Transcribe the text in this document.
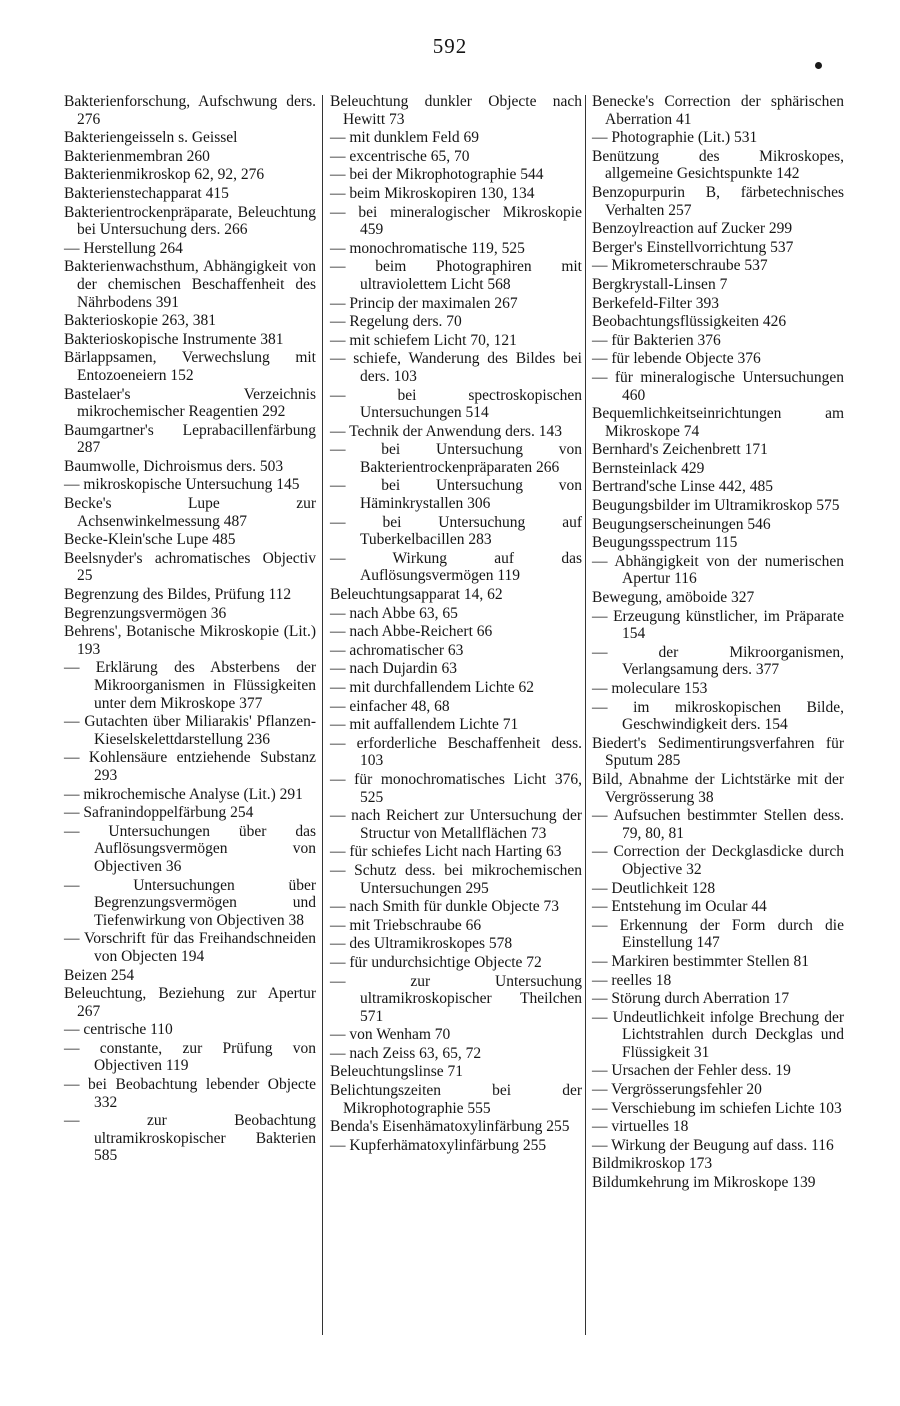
592

Bakterienforschung, Aufschwung ders. 276

Bakteriengeisseln s. Geissel

Bakterienmembran 260

Bakterienmikroskop 62, 92, 276

Bakterienstechapparat 415

Bakterientrockenpräparate, Beleuchtung bei Untersuchung ders. 266

— Herstellung 264

Bakterienwachsthum, Abhängigkeit von der chemischen Beschaffenheit des Nährbodens 391

Bakterioskopie 263, 381

Bakterioskopische Instrumente 381

Bärlappsamen, Verwechslung mit Entozoeneiern 152

Bastelaer's Verzeichnis mikrochemischer Reagentien 292

Baumgartner's Leprabacillenfärbung 287

Baumwolle, Dichroismus ders. 503

— mikroskopische Untersuchung 145

Becke's Lupe zur Achsenwinkelmessung 487

Becke-Klein'sche Lupe 485

Beelsnyder's achromatisches Objectiv 25

Begrenzung des Bildes, Prüfung 112

Begrenzungsvermögen 36

Behrens', Botanische Mikroskopie (Lit.) 193

— Erklärung des Absterbens der Mikroorganismen in Flüssigkeiten unter dem Mikroskope 377

— Gutachten über Miliarakis' Pflanzen-Kieselskelettdarstellung 236

— Kohlensäure entziehende Substanz 293

— mikrochemische Analyse (Lit.) 291

— Safranindoppelfärbung 254

— Untersuchungen über das Auflösungsvermögen von Objectiven 36

— Untersuchungen über Begrenzungsvermögen und Tiefenwirkung von Objectiven 38

— Vorschrift für das Freihandschneiden von Objecten 194

Beizen 254

Beleuchtung, Beziehung zur Apertur 267

— centrische 110

— constante, zur Prüfung von Objectiven 119

— bei Beobachtung lebender Objecte 332

— zur Beobachtung ultramikroskopischer Bakterien 585

Beleuchtung dunkler Objecte nach Hewitt 73

— mit dunklem Feld 69

— excentrische 65, 70

— bei der Mikrophotographie 544

— beim Mikroskopiren 130, 134

— bei mineralogischer Mikroskopie 459

— monochromatische 119, 525

— beim Photographiren mit ultraviolettem Licht 568

— Princip der maximalen 267

— Regelung ders. 70

— mit schiefem Licht 70, 121

— schiefe, Wanderung des Bildes bei ders. 103

— bei spectroskopischen Untersuchungen 514

— Technik der Anwendung ders. 143

— bei Untersuchung von Bakterientrockenpräparaten 266

— bei Untersuchung von Häminkrystallen 306

— bei Untersuchung auf Tuberkelbacillen 283

— Wirkung auf das Auflösungsvermögen 119

Beleuchtungsapparat 14, 62

— nach Abbe 63, 65

— nach Abbe-Reichert 66

— achromatischer 63

— nach Dujardin 63

— mit durchfallendem Lichte 62

— einfacher 48, 68

— mit auffallendem Lichte 71

— erforderliche Beschaffenheit dess. 103

— für monochromatisches Licht 376, 525

— nach Reichert zur Untersuchung der Structur von Metallflächen 73

— für schiefes Licht nach Harting 63

— Schutz dess. bei mikrochemischen Untersuchungen 295

— nach Smith für dunkle Objecte 73

— mit Triebschraube 66

— des Ultramikroskopes 578

— für undurchsichtige Objecte 72

— zur Untersuchung ultramikroskopischer Theilchen 571

— von Wenham 70

— nach Zeiss 63, 65, 72

Beleuchtungslinse 71

Belichtungszeiten bei der Mikrophotographie 555

Benda's Eisenhämatoxylinfärbung 255

— Kupferhämatoxylinfärbung 255

Benecke's Correction der sphärischen Aberration 41

— Photographie (Lit.) 531

Benützung des Mikroskopes, allgemeine Gesichtspunkte 142

Benzopurpurin B, färbetechnisches Verhalten 257

Benzoylreaction auf Zucker 299

Berger's Einstellvorrichtung 537

— Mikrometerschraube 537

Bergkrystall-Linsen 7

Berkefeld-Filter 393

Beobachtungsflüssigkeiten 426

— für Bakterien 376

— für lebende Objecte 376

— für mineralogische Untersuchungen 460

Bequemlichkeitseinrichtungen am Mikroskope 74

Bernhard's Zeichenbrett 171

Bernsteinlack 429

Bertrand'sche Linse 442, 485

Beugungsbilder im Ultramikroskop 575

Beugungserscheinungen 546

Beugungsspectrum 115

— Abhängigkeit von der numerischen Apertur 116

Bewegung, amöboide 327

— Erzeugung künstlicher, im Präparate 154

— der Mikroorganismen, Verlangsamung ders. 377

— moleculare 153

— im mikroskopischen Bilde, Geschwindigkeit ders. 154

Biedert's Sedimentirungsverfahren für Sputum 285

Bild, Abnahme der Lichtstärke mit der Vergrösserung 38

— Aufsuchen bestimmter Stellen dess. 79, 80, 81

— Correction der Deckglasdicke durch Objective 32

— Deutlichkeit 128

— Entstehung im Ocular 44

— Erkennung der Form durch die Einstellung 147

— Markiren bestimmter Stellen 81

— reelles 18

— Störung durch Aberration 17

— Undeutlichkeit infolge Brechung der Lichtstrahlen durch Deckglas und Flüssigkeit 31

— Ursachen der Fehler dess. 19

— Vergrösserungsfehler 20

— Verschiebung im schiefen Lichte 103

— virtuelles 18

— Wirkung der Beugung auf dass. 116

Bildmikroskop 173

Bildumkehrung im Mikroskope 139
